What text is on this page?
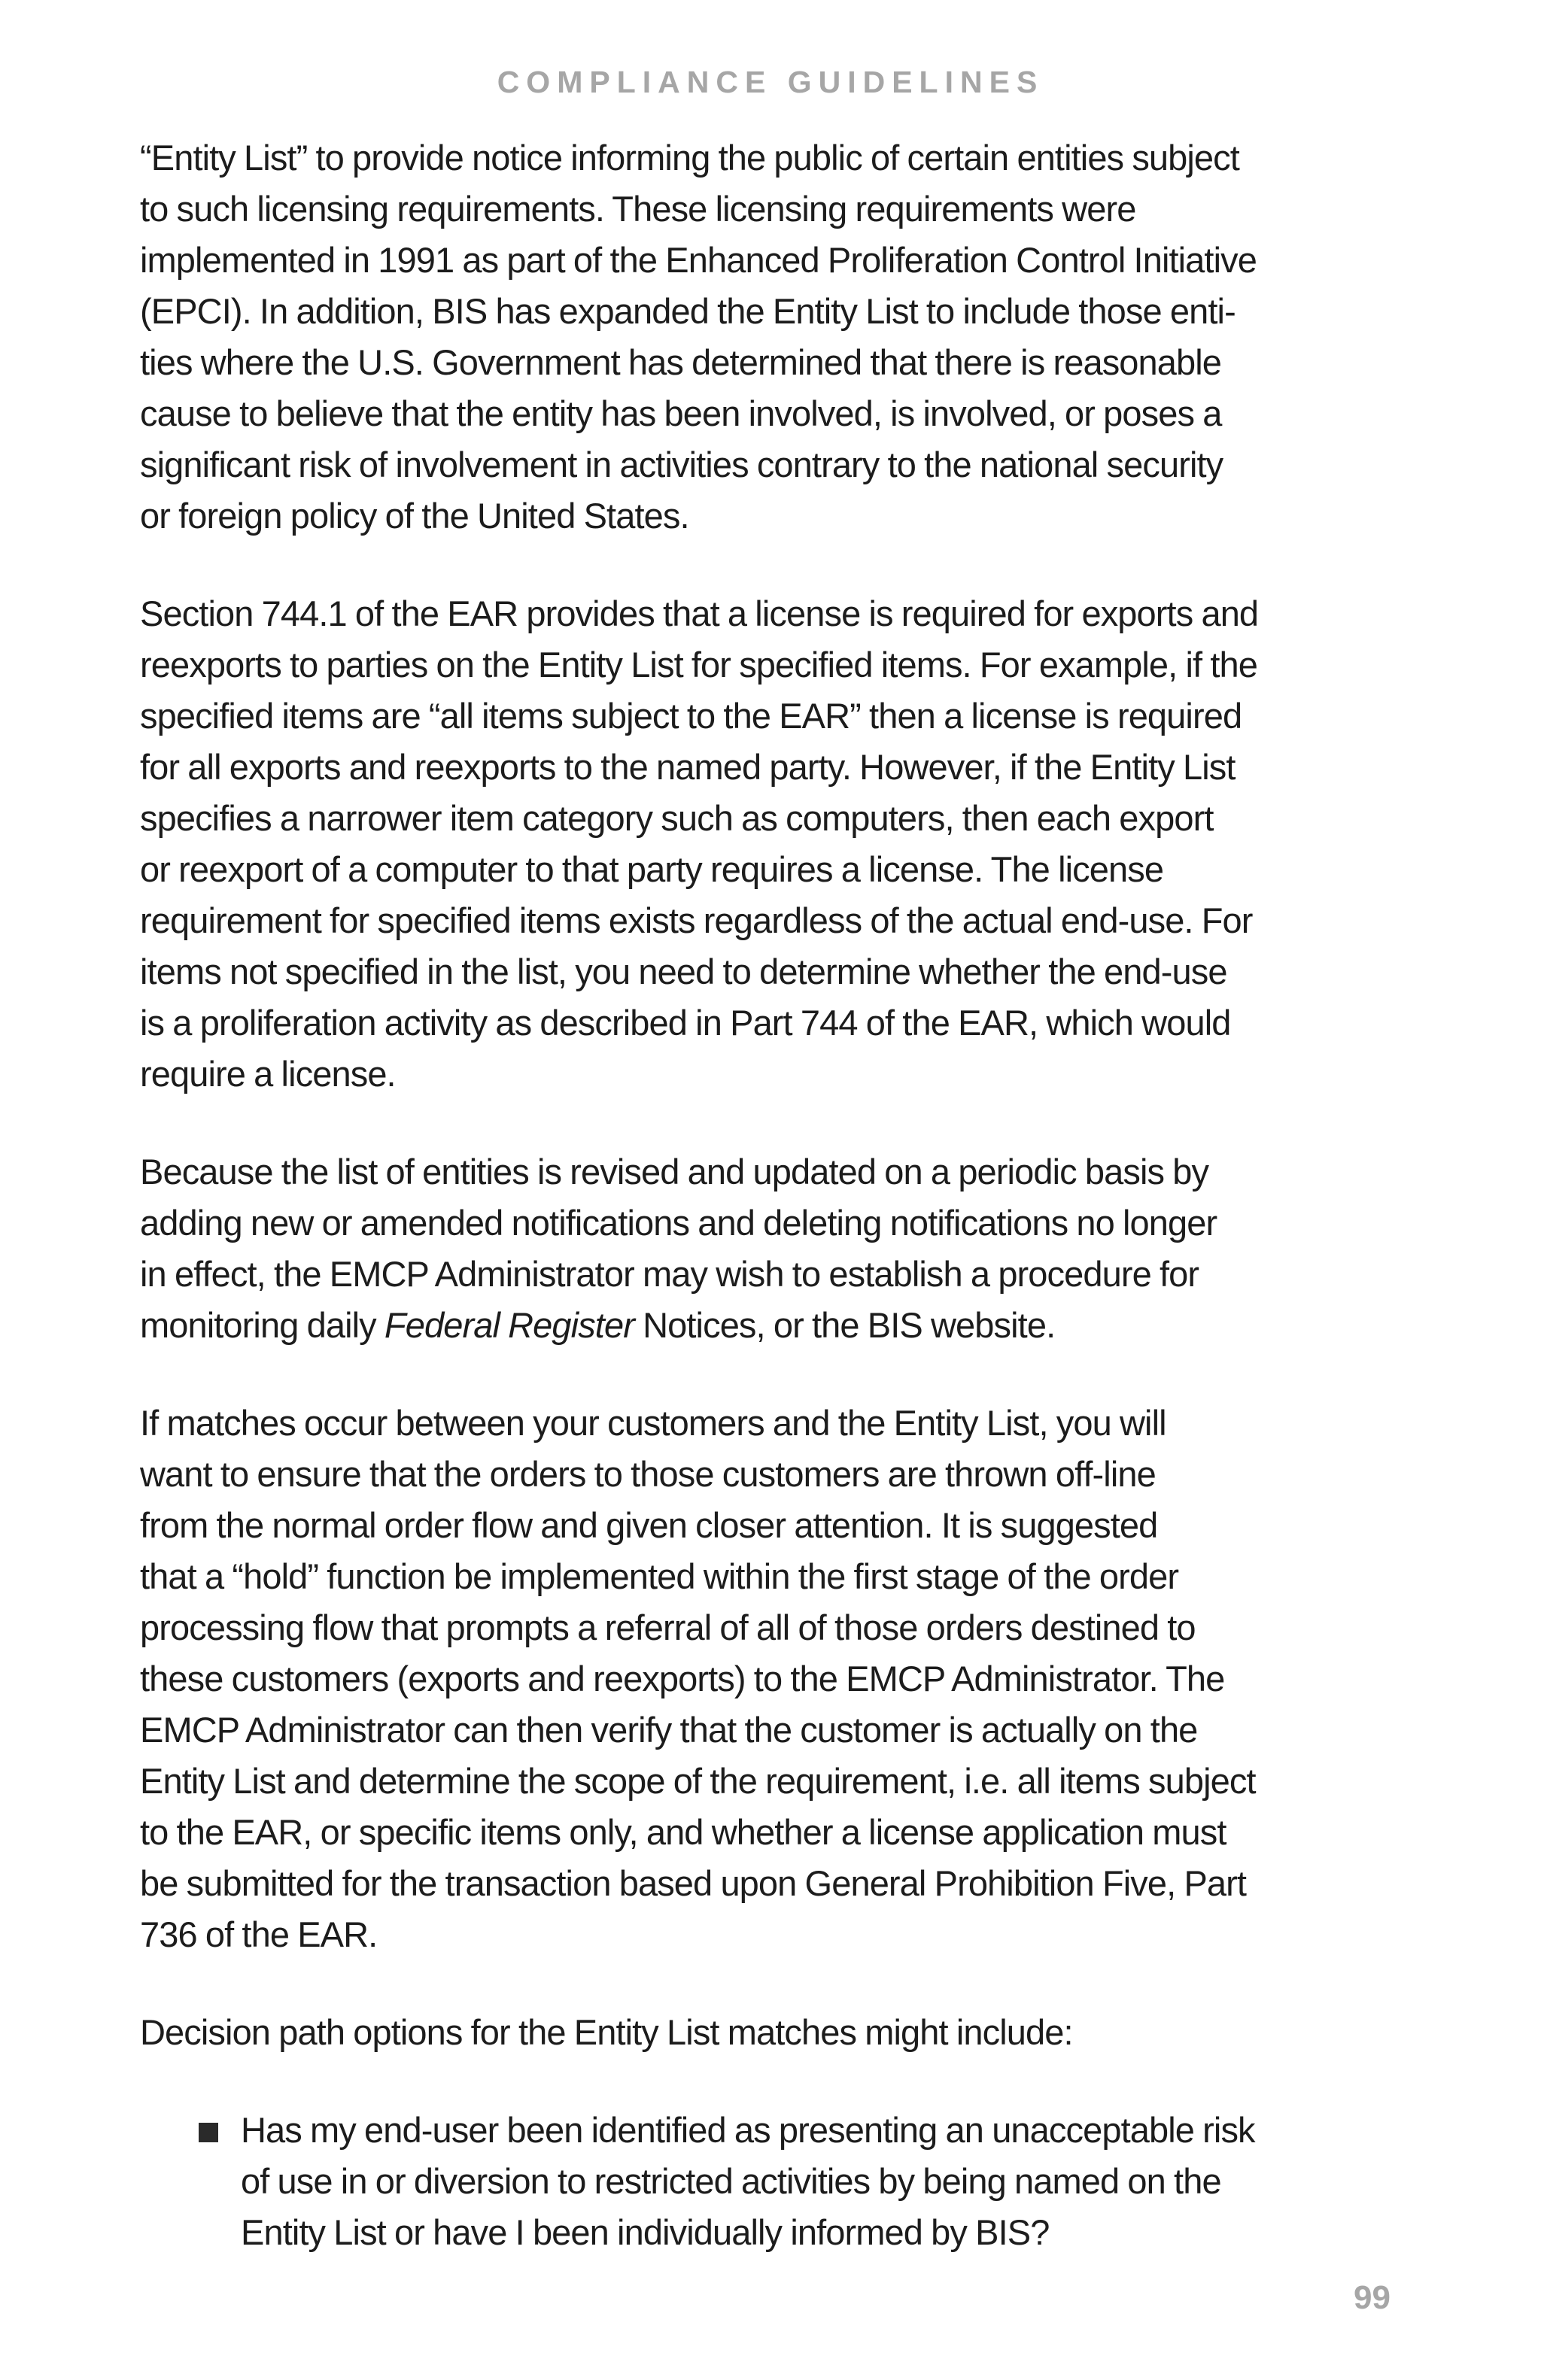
COMPLIANCE GUIDELINES

“Entity List” to provide notice informing the public of certain entities subject
to such licensing requirements. These licensing requirements were
implemented in 1991 as part of the Enhanced Proliferation Control Initiative
(EPCI). In addition, BIS has expanded the Entity List to include those enti-
ties where the U.S. Government has determined that there is reasonable
cause to believe that the entity has been involved, is involved, or poses a
significant risk of involvement in activities contrary to the national security
or foreign policy of the United States.

Section 744.1 of the EAR provides that a license is required for exports and
reexports to parties on the Entity List for specified items. For example, if the
specified items are “all items subject to the EAR” then a license is required
for all exports and reexports to the named party. However, if the Entity List
specifies a narrower item category such as computers, then each export
or reexport of a computer to that party requires a license. The license
requirement for specified items exists regardless of the actual end-use. For
items not specified in the list, you need to determine whether the end-use
is a proliferation activity as described in Part 744 of the EAR, which would
require a license.

Because the list of entities is revised and updated on a periodic basis by
adding new or amended notifications and deleting notifications no longer
in effect, the EMCP Administrator may wish to establish a procedure for
monitoring daily Federal Register Notices, or the BIS website.

If matches occur between your customers and the Entity List, you will
want to ensure that the orders to those customers are thrown off-line
from the normal order flow and given closer attention. It is suggested
that a “hold” function be implemented within the first stage of the order
processing flow that prompts a referral of all of those orders destined to
these customers (exports and reexports) to the EMCP Administrator. The
EMCP Administrator can then verify that the customer is actually on the
Entity List and determine the scope of the requirement, i.e. all items subject
to the EAR, or specific items only, and whether a license application must
be submitted for the transaction based upon General Prohibition Five, Part
736 of the EAR.

Decision path options for the Entity List matches might include:

Has my end-user been identified as presenting an unacceptable risk
of use in or diversion to restricted activities by being named on the
Entity List or have I been individually informed by BIS?
99
